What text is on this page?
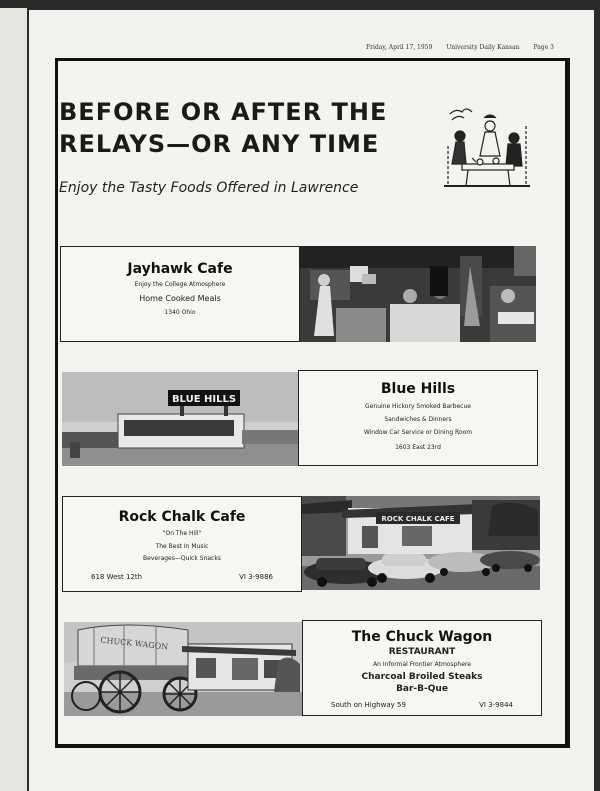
Friday, April 17, 1959 University Daily Kansan Page 3
BEFORE OR AFTER THE
RELAYS—OR ANY TIME
Enjoy the Tasty Foods Offered in Lawrence
Jayhawk Cafe
Enjoy the College Atmosphere
Home Cooked Meals
1340 Ohio
BLUE HILLS
Blue Hills
Genuine Hickory Smoked Barbecue
Sandwiches & Dinners
Window Car Service or Dining Room
1603 East 23rd
Rock Chalk Cafe
"On The Hill"
The Best In Music
Beverages—Quick Snacks
618 West 12th	VI 3-9886
ROCK CHALK CAFE
CHUCK WAGON	The Chuck Wagon
RESTAURANT
An Informal Frontier Atmosphere
Charcoal Broiled Steaks
Bar-B-Que
South on Highway 59	VI 3-9844
